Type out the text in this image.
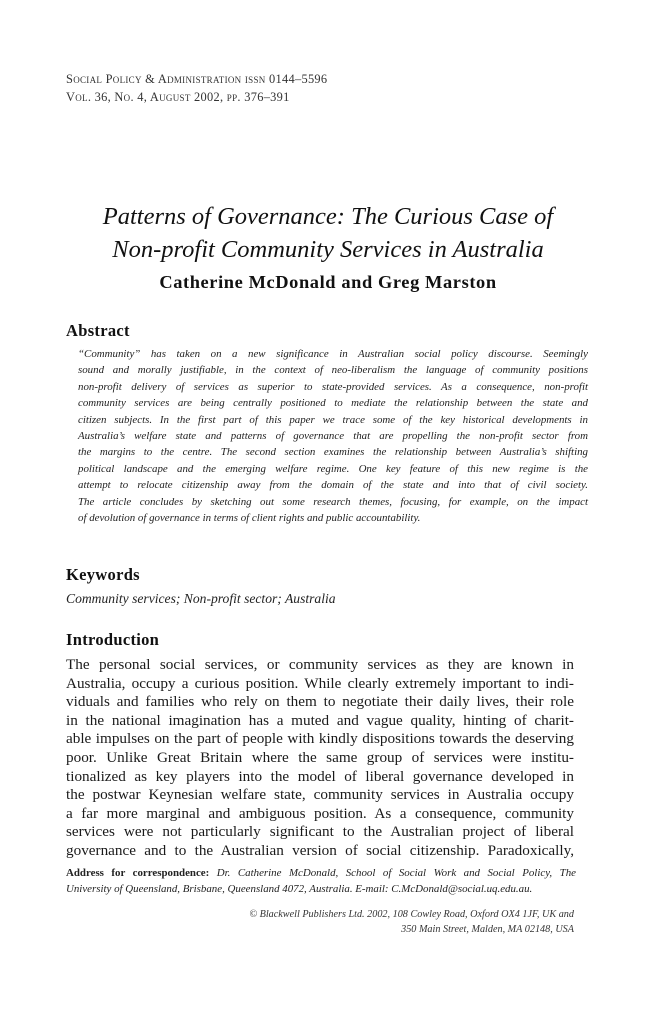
Social Policy & Administration issn 0144–5596
Vol. 36, No. 4, August 2002, pp. 376–391
Patterns of Governance: The Curious Case of
Non-profit Community Services in Australia
Catherine McDonald and Greg Marston
Abstract
“Community” has taken on a new significance in Australian social policy discourse. Seemingly
sound and morally justifiable, in the context of neo-liberalism the language of community positions
non-profit delivery of services as superior to state-provided services. As a consequence, non-profit
community services are being centrally positioned to mediate the relationship between the state and
citizen subjects. In the first part of this paper we trace some of the key historical developments in
Australia’s welfare state and patterns of governance that are propelling the non-profit sector from
the margins to the centre. The second section examines the relationship between Australia’s shifting
political landscape and the emerging welfare regime. One key feature of this new regime is the
attempt to relocate citizenship away from the domain of the state and into that of civil society.
The article concludes by sketching out some research themes, focusing, for example, on the impact
of devolution of governance in terms of client rights and public accountability.
Keywords
Community services; Non-profit sector; Australia
Introduction
The personal social services, or community services as they are known in
Australia, occupy a curious position. While clearly extremely important to indi-
viduals and families who rely on them to negotiate their daily lives, their role
in the national imagination has a muted and vague quality, hinting of charit-
able impulses on the part of people with kindly dispositions towards the deserving
poor. Unlike Great Britain where the same group of services were institu-
tionalized as key players into the model of liberal governance developed in
the postwar Keynesian welfare state, community services in Australia occupy
a far more marginal and ambiguous position. As a consequence, community
services were not particularly significant to the Australian project of liberal
governance and to the Australian version of social citizenship. Paradoxically,
Address for correspondence: Dr. Catherine McDonald, School of Social Work and Social Policy, The
University of Queensland, Brisbane, Queensland 4072, Australia. E-mail: C.McDonald@social.uq.edu.au.
© Blackwell Publishers Ltd. 2002, 108 Cowley Road, Oxford OX4 1JF, UK and
350 Main Street, Malden, MA 02148, USA
